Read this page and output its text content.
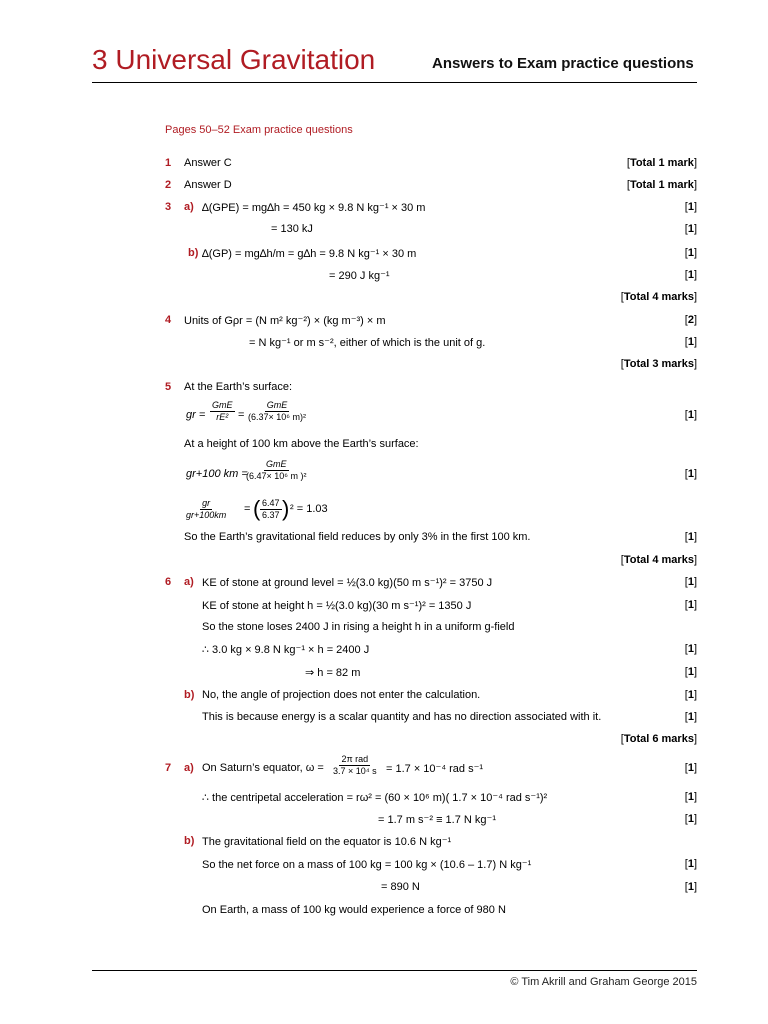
3 Universal Gravitation	Answers to Exam practice questions
Pages 50–52 Exam practice questions
1 Answer C	[Total 1 mark]
2 Answer D	[Total 1 mark]
3 a) ∆(GPE) = mg∆h = 450 kg × 9.8 N kg⁻¹ × 30 m	[1]
= 130 kJ	[1]
b) ∆(GP) = mg∆h/m = g∆h = 9.8 N kg⁻¹ × 30 m	[1]
= 290 J kg⁻¹	[1]
[Total 4 marks]
4 Units of Gρr = (N m² kg⁻²) × (kg m⁻³) × m	[2]
= N kg⁻¹ or m s⁻², either of which is the unit of g.	[1]
[Total 3 marks]
5 At the Earth’s surface:
gr =
GmE
rE² =
GmE
(6.37× 10⁶ m)²	[1]
At a height of 100 km above the Earth’s surface:
gr+100 km =
GmE
(6.47× 10⁶ m )²	[1]
$\frac{gr}{gr+100km}$ = ( $\frac{6.47}{6.37}$ ) ² = 1.03
So the Earth’s gravitational field reduces by only 3% in the first 100 km.	[1]
[Total 4 marks]
6 a) KE of stone at ground level = ½(3.0 kg)(50 m s⁻¹)² = 3750 J	[1]
KE of stone at height h = ½(3.0 kg)(30 m s⁻¹)² = 1350 J	[1]
So the stone loses 2400 J in rising a height h in a uniform g-field
∴ 3.0 kg × 9.8 N kg⁻¹ × h = 2400 J	[1]
⇒ h = 82 m	[1]
b) No, the angle of projection does not enter the calculation.	[1]
This is because energy is a scalar quantity and has no direction associated with it.	[1]
[Total 6 marks]
7 a) On Saturn’s equator, ω =
2π rad
3.7 × 10⁴ s = 1.7 × 10⁻⁴ rad s⁻¹	[1]
∴ the centripetal acceleration = rω² = (60 × 10⁶ m)( 1.7 × 10⁻⁴ rad s⁻¹)²	[1]
= 1.7 m s⁻² ≡ 1.7 N kg⁻¹	[1]
b) The gravitational field on the equator is 10.6 N kg⁻¹
So the net force on a mass of 100 kg = 100 kg × (10.6 – 1.7) N kg⁻¹	[1]
= 890 N	[1]
On Earth, a mass of 100 kg would experience a force of 980 N
© Tim Akrill and Graham George 2015
